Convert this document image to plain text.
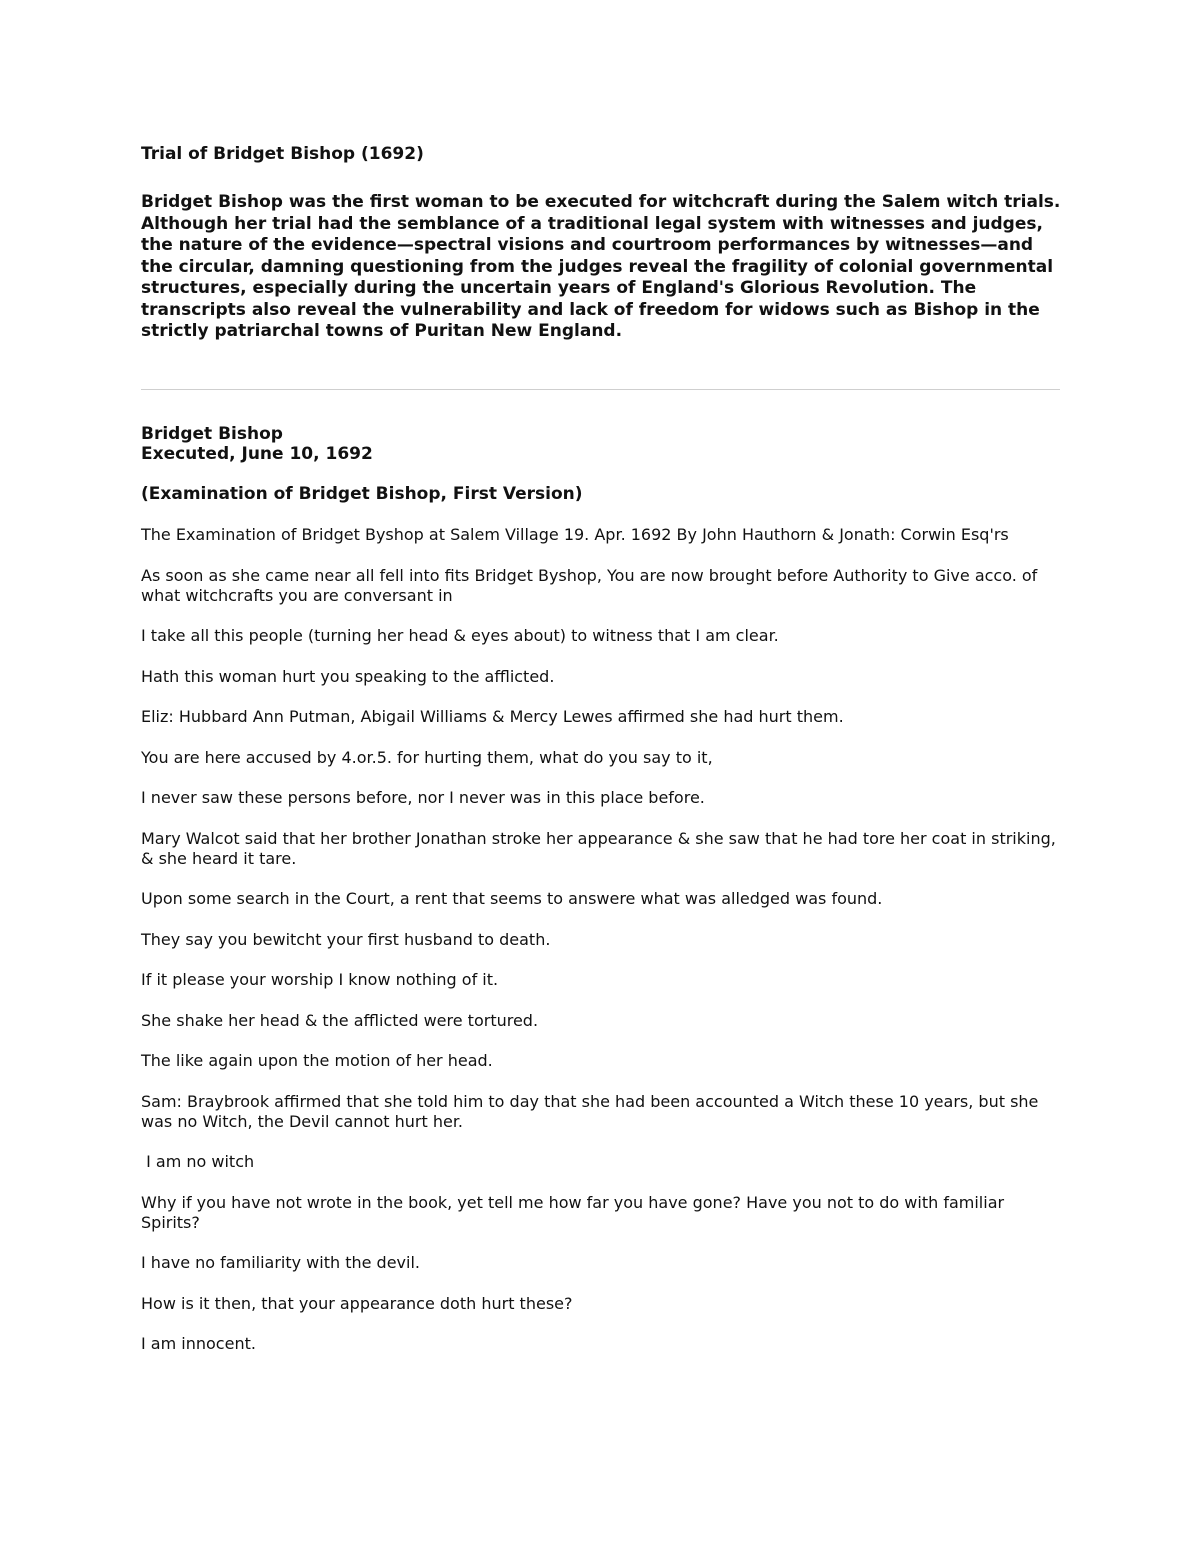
Trial of Bridget Bishop (1692)

Bridget Bishop was the first woman to be executed for witchcraft during the Salem witch trials. Although her trial had the semblance of a traditional legal system with witnesses and judges, the nature of the evidence—spectral visions and courtroom performances by witnesses—and the circular, damning questioning from the judges reveal the fragility of colonial governmental structures, especially during the uncertain years of England's Glorious Revolution. The transcripts also reveal the vulnerability and lack of freedom for widows such as Bishop in the strictly patriarchal towns of Puritan New England.

Bridget Bishop
Executed, June 10, 1692
(Examination of Bridget Bishop, First Version)

The Examination of Bridget Byshop at Salem Village 19. Apr. 1692 By John Hauthorn & Jonath: Corwin Esq'rs

As soon as she came near all fell into fits Bridget Byshop, You are now brought before Authority to Give acco. of what witchcrafts you are conversant in

I take all this people (turning her head & eyes about) to witness that I am clear.

Hath this woman hurt you speaking to the afflicted.

Eliz: Hubbard Ann Putman, Abigail Williams & Mercy Lewes affirmed she had hurt them.

You are here accused by 4.or.5. for hurting them, what do you say to it,

I never saw these persons before, nor I never was in this place before.

Mary Walcot said that her brother Jonathan stroke her appearance & she saw that he had tore her coat in striking, & she heard it tare.

Upon some search in the Court, a rent that seems to answere what was alledged was found.

They say you bewitcht your first husband to death.

If it please your worship I know nothing of it.

She shake her head & the afflicted were tortured.

The like again upon the motion of her head.

Sam: Braybrook affirmed that she told him to day that she had been accounted a Witch these 10 years, but she was no Witch, the Devil cannot hurt her.

I am no witch

Why if you have not wrote in the book, yet tell me how far you have gone? Have you not to do with familiar Spirits?

I have no familiarity with the devil.

How is it then, that your appearance doth hurt these?

I am innocent.
